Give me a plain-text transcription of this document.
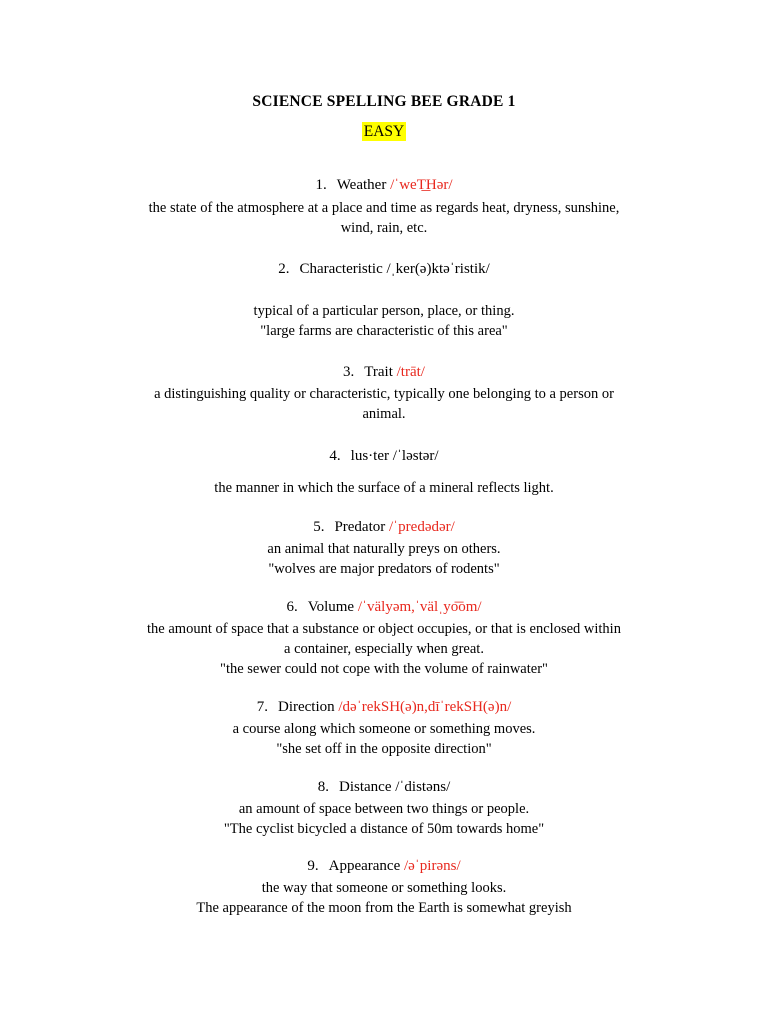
SCIENCE SPELLING BEE GRADE 1
EASY
1. Weather /ˈweT͟Hər/
the state of the atmosphere at a place and time as regards heat, dryness, sunshine,
wind, rain, etc.
2. Characteristic /ˌker(ə)ktəˈristik/
typical of a particular person, place, or thing.
"large farms are characteristic of this area"
3. Trait /trāt/
a distinguishing quality or characteristic, typically one belonging to a person or
animal.
4. lus·ter /ˈləstər/
the manner in which the surface of a mineral reflects light.
5. Predator /ˈpredədər/
an animal that naturally preys on others.
"wolves are major predators of rodents"
6. Volume /ˈvälyəm,ˈvälˌyo͞om/
the amount of space that a substance or object occupies, or that is enclosed within
a container, especially when great.
"the sewer could not cope with the volume of rainwater"
7. Direction /dəˈrekSH(ə)n,dīˈrekSH(ə)n/
a course along which someone or something moves.
"she set off in the opposite direction"
8. Distance /ˈdistəns/
an amount of space between two things or people.
"The cyclist bicycled a distance of 50m towards home"
9. Appearance /əˈpirəns/
the way that someone or something looks.
The appearance of the moon from the Earth is somewhat greyish
